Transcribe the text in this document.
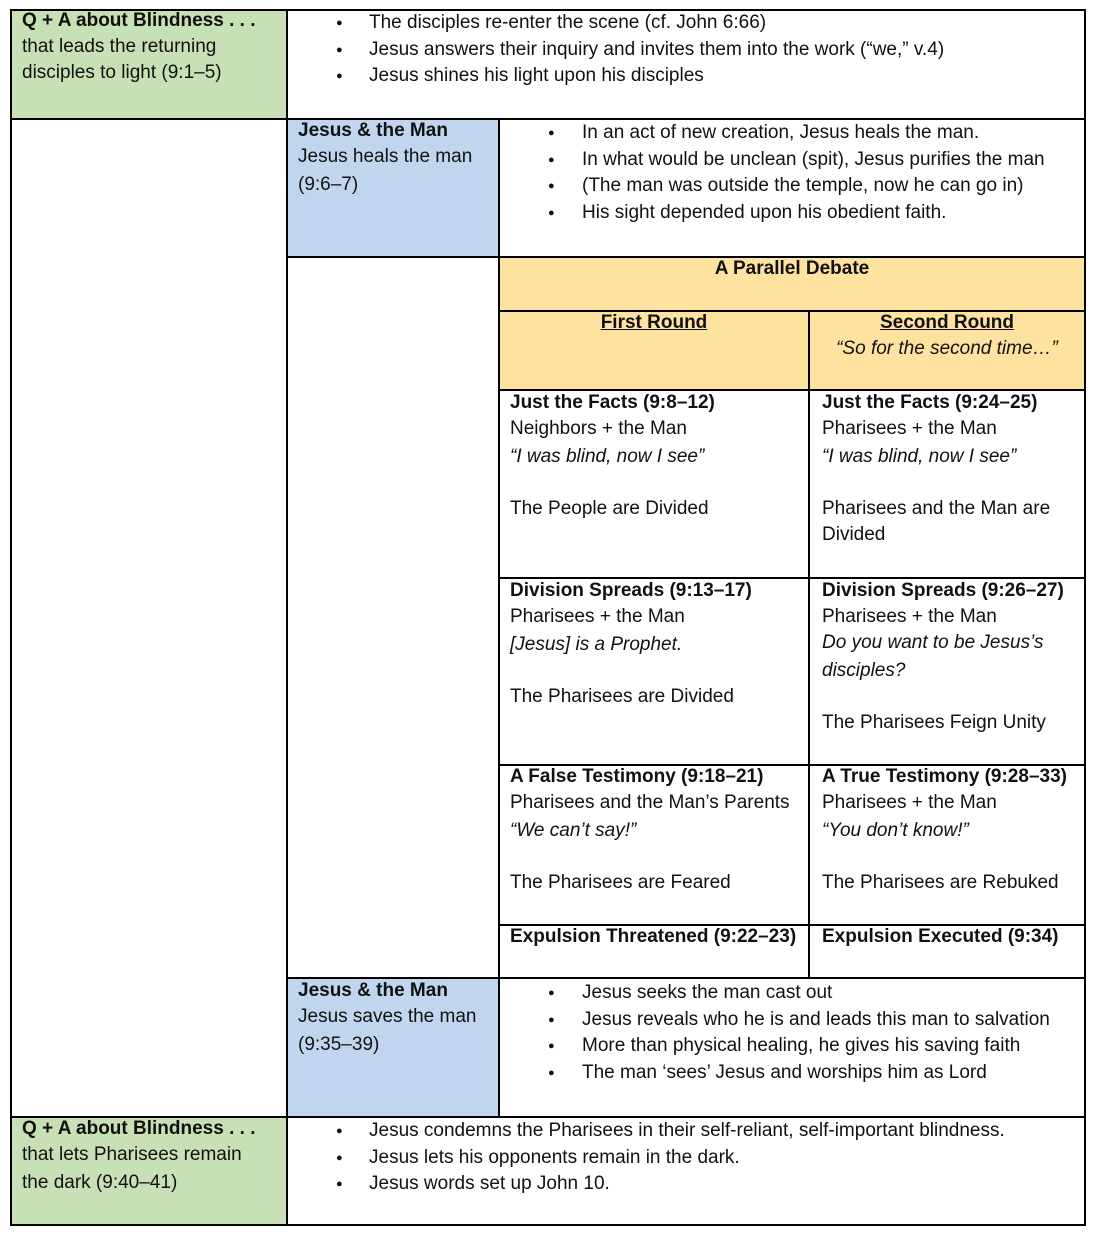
Q + A about Blindness . . .
that leads the returning
disciples to light (9:1–5)
● The disciples re-enter the scene (cf. John 6:66)
● Jesus answers their inquiry and invites them into the work (“we,” v.4)
● Jesus shines his light upon his disciples
Jesus & the Man
Jesus heals the man
(9:6–7)
● In an act of new creation, Jesus heals the man.
● In what would be unclean (spit), Jesus purifies the man
● (The man was outside the temple, now he can go in)
● His sight depended upon his obedient faith.
A Parallel Debate
First Round	Second Round
“So for the second time…”
Just the Facts (9:8–12)
Neighbors + the Man
“I was blind, now I see”
The People are Divided
Just the Facts (9:24–25)
Pharisees + the Man
“I was blind, now I see”
Pharisees and the Man are
Divided
Division Spreads (9:13–17)
Pharisees + the Man
[Jesus] is a Prophet.
The Pharisees are Divided
Division Spreads (9:26–27)
Pharisees + the Man
Do you want to be Jesus’s
disciples?
The Pharisees Feign Unity
A False Testimony (9:18–21)
Pharisees and the Man’s Parents
“We can’t say!”
The Pharisees are Feared
A True Testimony (9:28–33)
Pharisees + the Man
“You don’t know!”
The Pharisees are Rebuked
Expulsion Threatened (9:22–23) Expulsion Executed (9:34)
Jesus & the Man
Jesus saves the man
(9:35–39)
● Jesus seeks the man cast out
● Jesus reveals who he is and leads this man to salvation
● More than physical healing, he gives his saving faith
● The man ‘sees’ Jesus and worships him as Lord
Q + A about Blindness . . .
that lets Pharisees remain
the dark (9:40–41)
● Jesus condemns the Pharisees in their self-reliant, self-important blindness.
● Jesus lets his opponents remain in the dark.
● Jesus words set up John 10.
